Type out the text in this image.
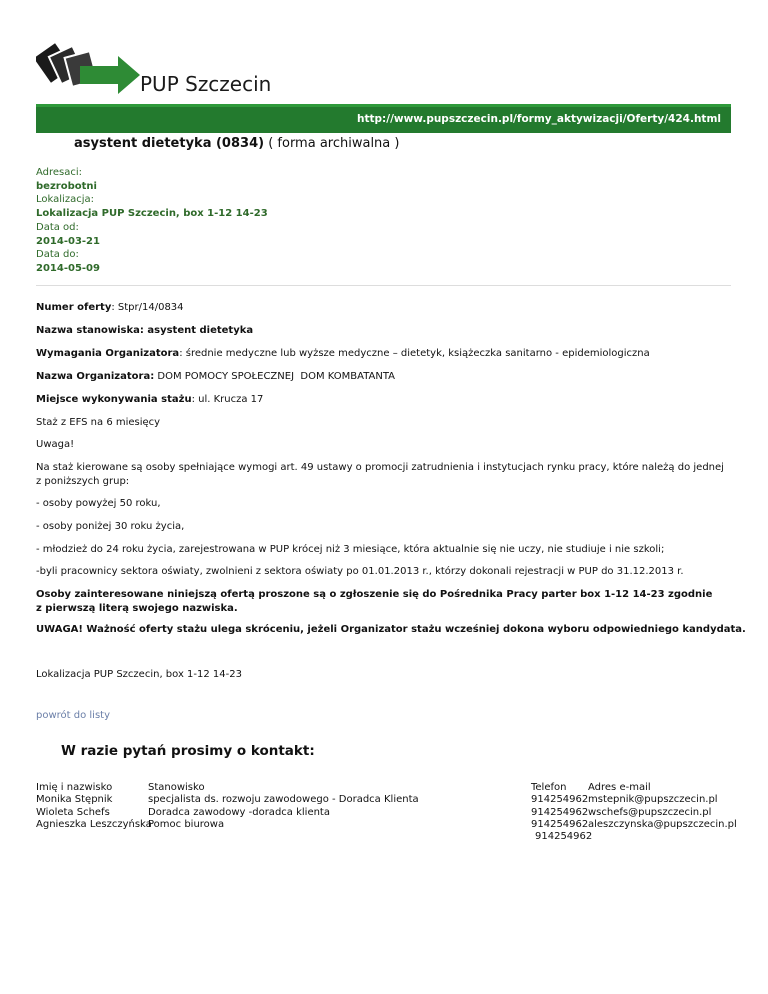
PUP Szczecin
http://www.pupszczecin.pl/formy_aktywizacji/Oferty/424.html
asystent dietetyka (0834) ( forma archiwalna )
Adresaci:
bezrobotni
Lokalizacja:
Lokalizacja PUP Szczecin, box 1-12 14-23
Data od:
2014-03-21
Data do:
2014-05-09

Numer oferty: Stpr/14/0834

Nazwa stanowiska: asystent dietetyka

Wymagania Organizatora: średnie medyczne lub wyższe medyczne – dietetyk, książeczka sanitarno - epidemiologiczna

Nazwa Organizatora: DOM POMOCY SPOŁECZNEJ  DOM KOMBATANTA

Miejsce wykonywania stażu: ul. Krucza 17

Staż z EFS na 6 miesięcy

Uwaga!

Na staż kierowane są osoby spełniające wymogi art. 49 ustawy o promocji zatrudnienia i instytucjach rynku pracy, które należą do jednej z poniższych grup:

- osoby powyżej 50 roku,

- osoby poniżej 30 roku życia,

- młodzież do 24 roku życia, zarejestrowana w PUP krócej niż 3 miesiące, która aktualnie się nie uczy, nie studiuje i nie szkoli;

-byli pracownicy sektora oświaty, zwolnieni z sektora oświaty po 01.01.2013 r., którzy dokonali rejestracji w PUP do 31.12.2013 r.

Osoby zainteresowane niniejszą ofertą proszone są o zgłoszenie się do Pośrednika Pracy parter box 1-12 14-23 zgodnie z pierwszą literą swojego nazwiska.

UWAGA! Ważność oferty stażu ulega skróceniu, jeżeli Organizator stażu wcześniej dokona wyboru odpowiedniego kandydata.

Lokalizacja PUP Szczecin, box 1-12 14-23

powrót do listy
W razie pytań prosimy o kontakt:
Imię i nazwisko
Monika Stępnik
Wioleta Schefs
Agnieszka Leszczyńska
Stanowisko
specjalista ds. rozwoju zawodowego - Doradca Klienta
Doradca zawodowy -doradca klienta
Pomoc biurowa
Telefon
914254962
914254962
914254962
914254962
Adres e-mail
mstepnik@pupszczecin.pl
wschefs@pupszczecin.pl
aleszczynska@pupszczecin.pl
